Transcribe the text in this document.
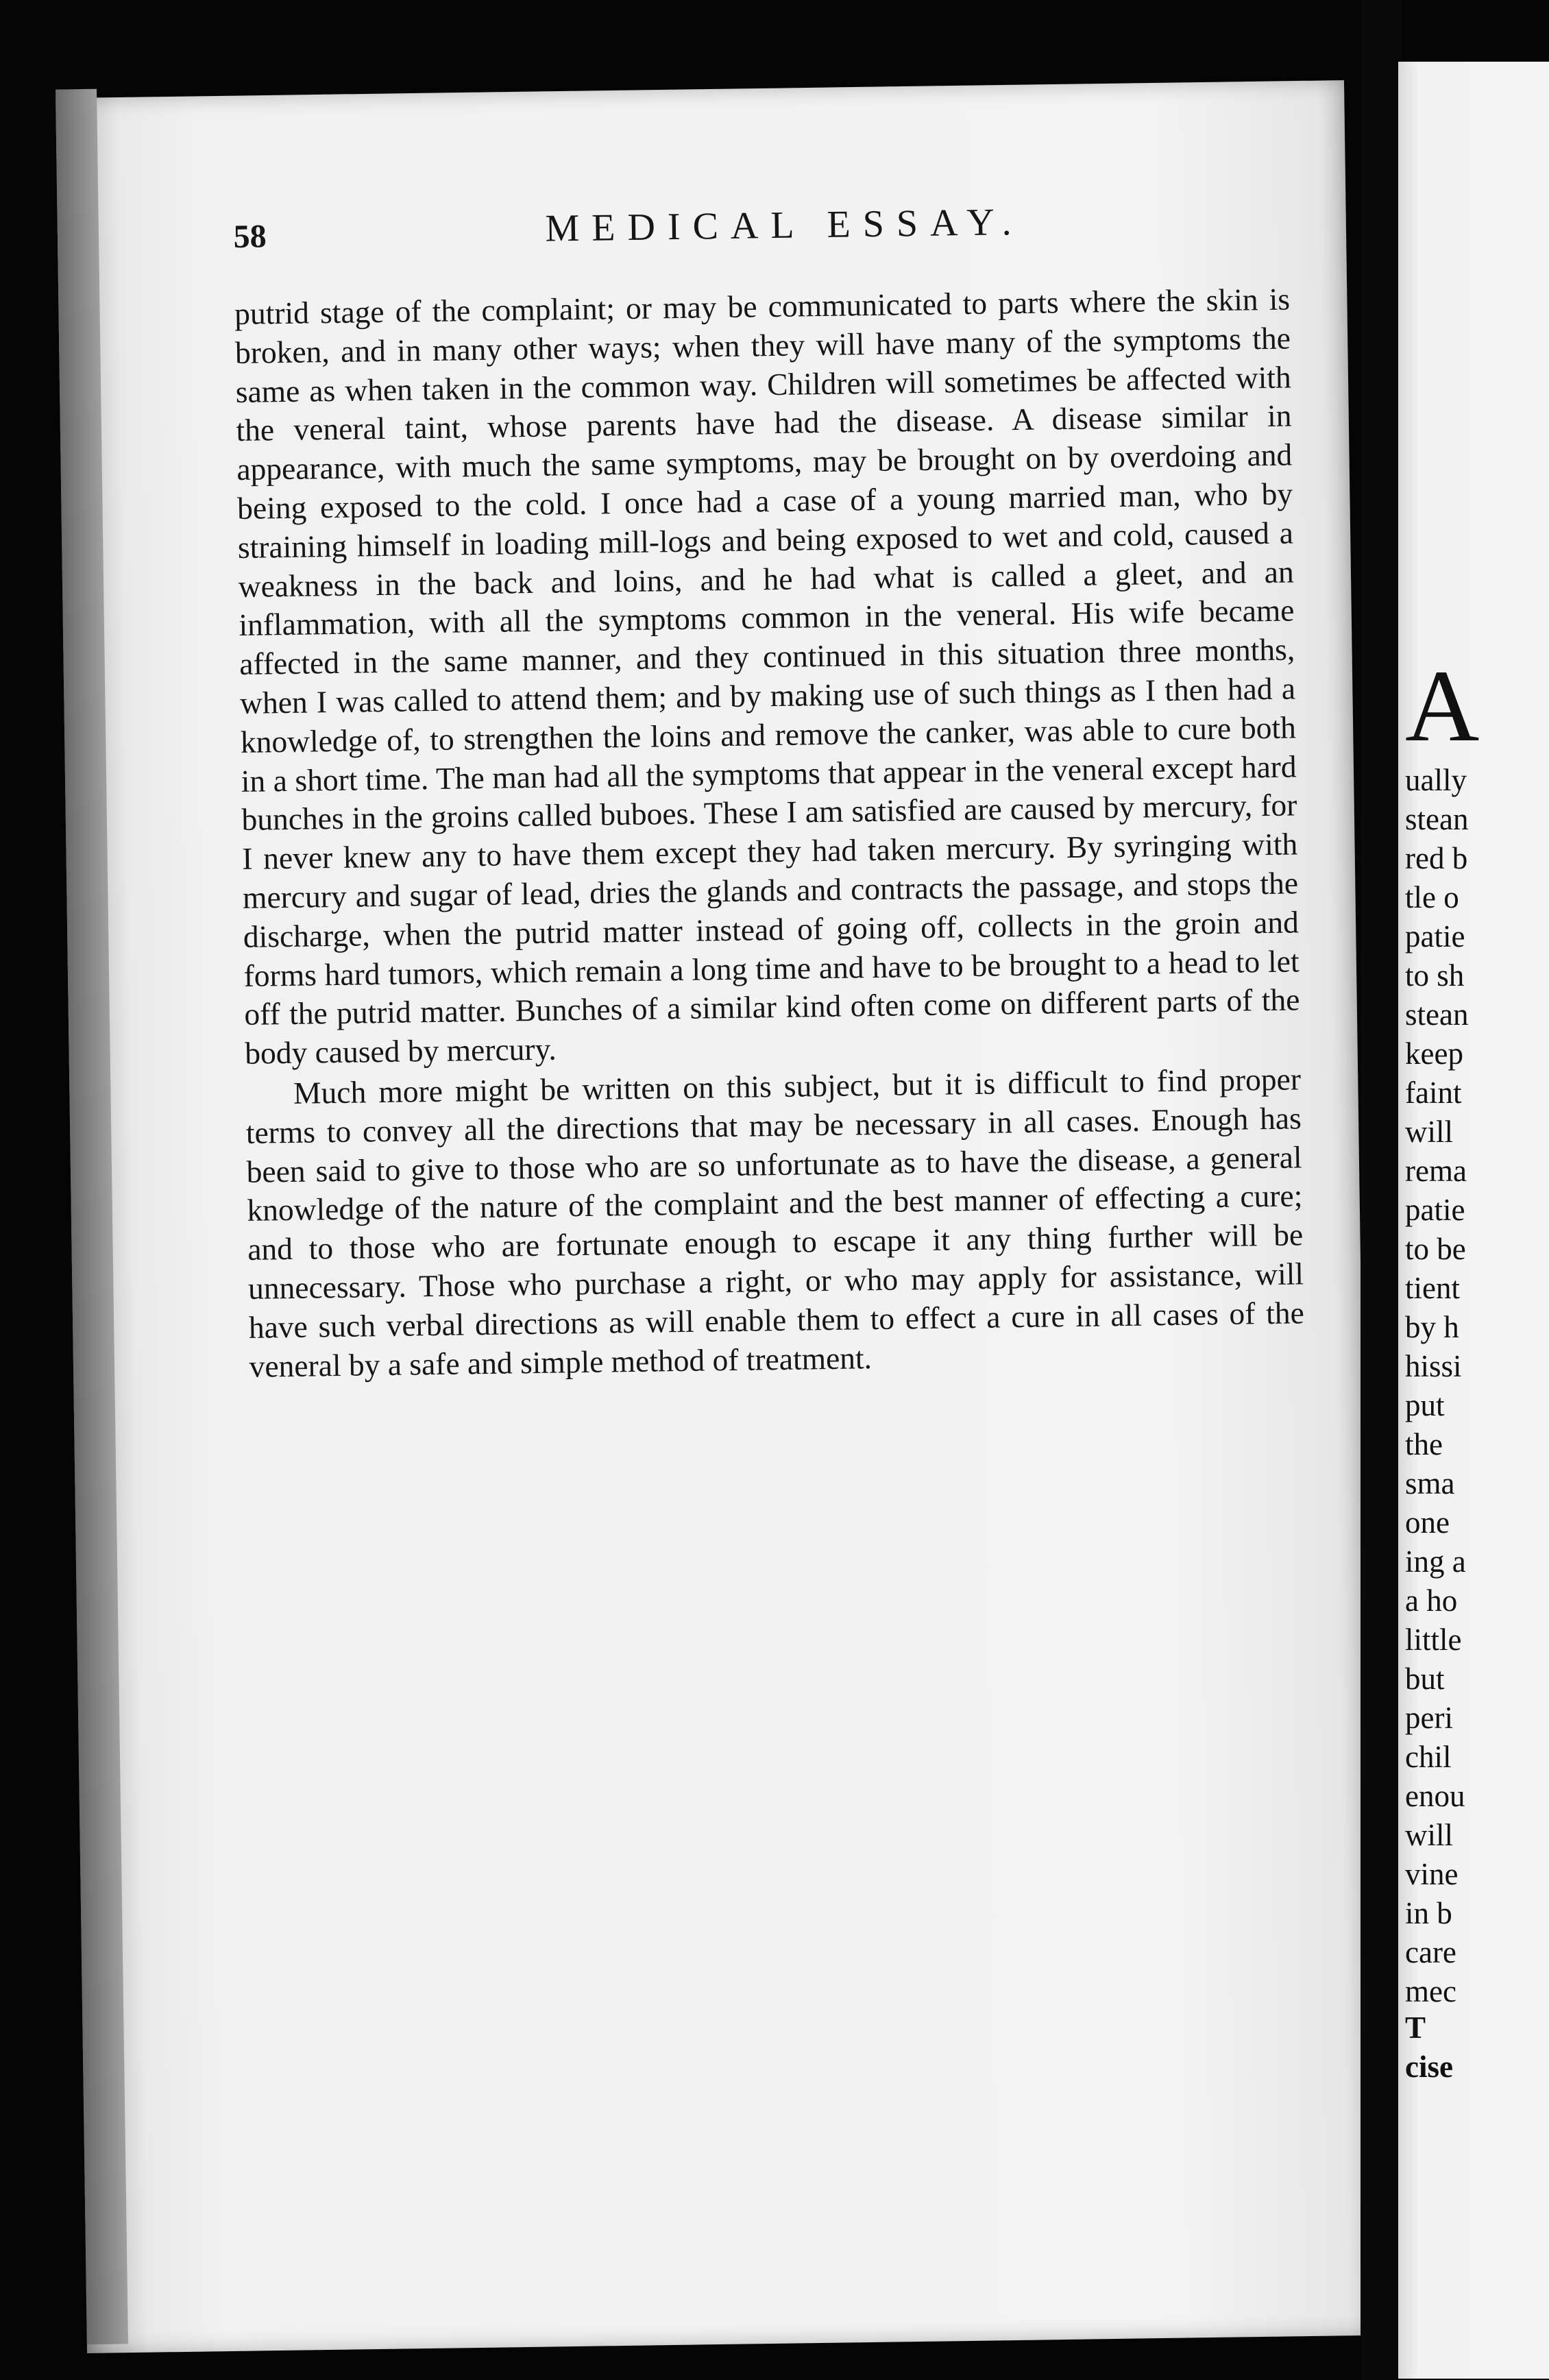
A
ually
stean
red b
tle o
patie
to sh
stean
keep
faint
will
rema
patie
to be
tient
by h
hissi
put
the
sma
one
ing a
a ho
little
but
peri
chil
enou
will
vine
in b
care
mec
T
cise
58	MEDICAL ESSAY.

putrid stage of the complaint; or may be communicated to parts where the skin is broken, and in many other ways; when they will have many of the symptoms the same as when taken in the common way. Children will sometimes be affected with the veneral taint, whose parents have had the disease. A disease similar in appearance, with much the same symptoms, may be brought on by overdoing and being exposed to the cold. I once had a case of a young married man, who by straining himself in loading mill-logs and being exposed to wet and cold, caused a weakness in the back and loins, and he had what is called a gleet, and an inflammation, with all the symptoms common in the veneral. His wife became affected in the same manner, and they continued in this situation three months, when I was called to attend them; and by making use of such things as I then had a knowledge of, to strengthen the loins and remove the canker, was able to cure both in a short time. The man had all the symptoms that appear in the veneral except hard bunches in the groins called buboes. These I am satisfied are caused by mercury, for I never knew any to have them except they had taken mercury. By syringing with mercury and sugar of lead, dries the glands and contracts the passage, and stops the discharge, when the putrid matter instead of going off, collects in the groin and forms hard tumors, which remain a long time and have to be brought to a head to let off the putrid matter. Bunches of a similar kind often come on different parts of the body caused by mercury.

Much more might be written on this subject, but it is difficult to find proper terms to convey all the directions that may be necessary in all cases. Enough has been said to give to those who are so unfortunate as to have the disease, a general knowledge of the nature of the complaint and the best manner of effecting a cure; and to those who are fortunate enough to escape it any thing further will be unnecessary. Those who purchase a right, or who may apply for assistance, will have such verbal directions as will enable them to effect a cure in all cases of the veneral by a safe and simple method of treatment.
